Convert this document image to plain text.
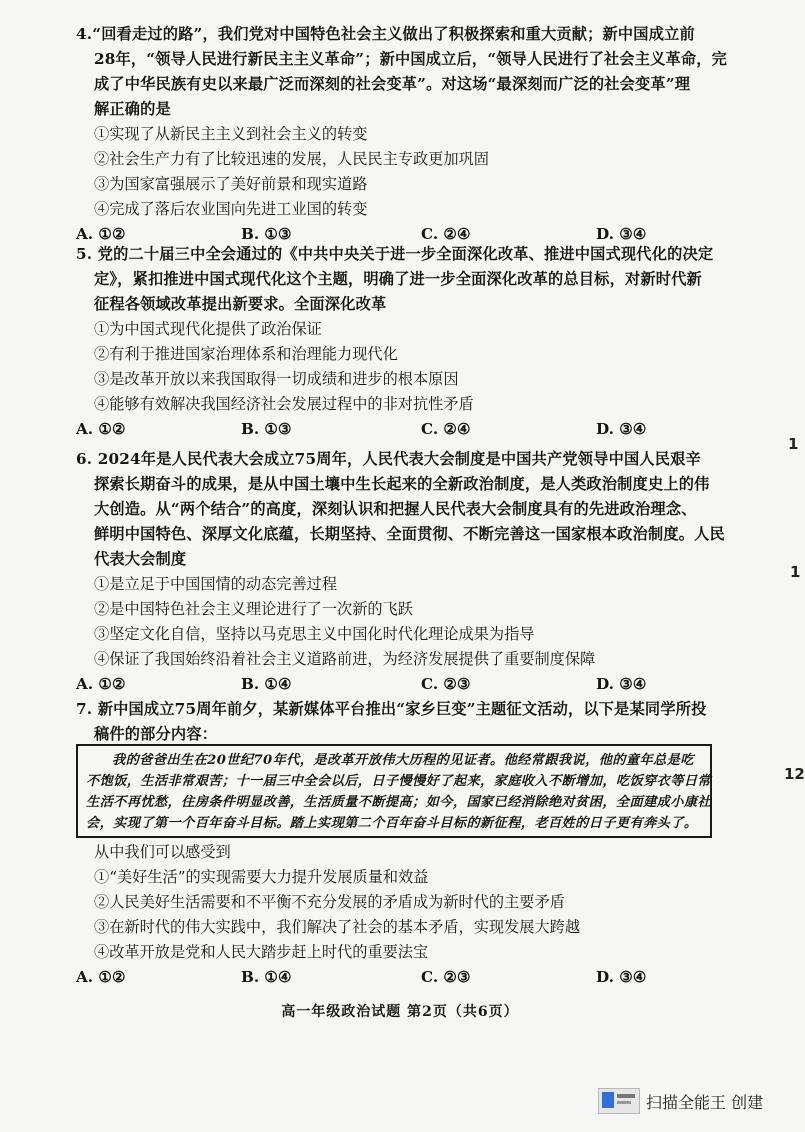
4.“回看走过的路”，我们党对中国特色社会主义做出了积极探索和重大贡献；新中国成立前
28年，“领导人民进行新民主主义革命”；新中国成立后，“领导人民进行了社会主义革命，完
成了中华民族有史以来最广泛而深刻的社会变革”。对这场“最深刻而广泛的社会变革”理
解正确的是
①实现了从新民主主义到社会主义的转变
②社会生产力有了比较迅速的发展，人民民主专政更加巩固
③为国家富强展示了美好前景和现实道路
④完成了落后农业国向先进工业国的转变
A. ①②	B. ①③	C. ②④	D. ③④
5. 党的二十届三中全会通过的《中共中央关于进一步全面深化改革、推进中国式现代化的决定
定》，紧扣推进中国式现代化这个主题，明确了进一步全面深化改革的总目标，对新时代新
征程各领域改革提出新要求。全面深化改革
①为中国式现代化提供了政治保证
②有利于推进国家治理体系和治理能力现代化
③是改革开放以来我国取得一切成绩和进步的根本原因
④能够有效解决我国经济社会发展过程中的非对抗性矛盾
A. ①②	B. ①③	C. ②④	D. ③④
6. 2024年是人民代表大会成立75周年，人民代表大会制度是中国共产党领导中国人民艰辛
探索长期奋斗的成果，是从中国土壤中生长起来的全新政治制度，是人类政治制度史上的伟
大创造。从“两个结合”的高度，深刻认识和把握人民代表大会制度具有的先进政治理念、
鲜明中国特色、深厚文化底蕴，长期坚持、全面贯彻、不断完善这一国家根本政治制度。人民
代表大会制度
①是立足于中国国情的动态完善过程
②是中国特色社会主义理论进行了一次新的飞跃
③坚定文化自信，坚持以马克思主义中国化时代化理论成果为指导
④保证了我国始终沿着社会主义道路前进，为经济发展提供了重要制度保障
A. ①②	B. ①④	C. ②③	D. ③④
7. 新中国成立75周年前夕，某新媒体平台推出“家乡巨变”主题征文活动，以下是某同学所投
稿件的部分内容：
我的爸爸出生在20世纪70年代，是改革开放伟大历程的见证者。他经常跟我说，他的童年总是吃
不饱饭，生活非常艰苦；十一届三中全会以后，日子慢慢好了起来，家庭收入不断增加，吃饭穿衣等日常
生活不再忧愁，住房条件明显改善，生活质量不断提高；如今，国家已经消除绝对贫困，全面建成小康社
会，实现了第一个百年奋斗目标。踏上实现第二个百年奋斗目标的新征程，老百姓的日子更有奔头了。
从中我们可以感受到
①“美好生活”的实现需要大力提升发展质量和效益
②人民美好生活需要和不平衡不充分发展的矛盾成为新时代的主要矛盾
③在新时代的伟大实践中，我们解决了社会的基本矛盾，实现发展大跨越
④改革开放是党和人民大踏步赶上时代的重要法宝
A. ①②	B. ①④	C. ②③	D. ③④
高一年级政治试题 第2页（共6页）
1
1
12
扫描全能王 创建
